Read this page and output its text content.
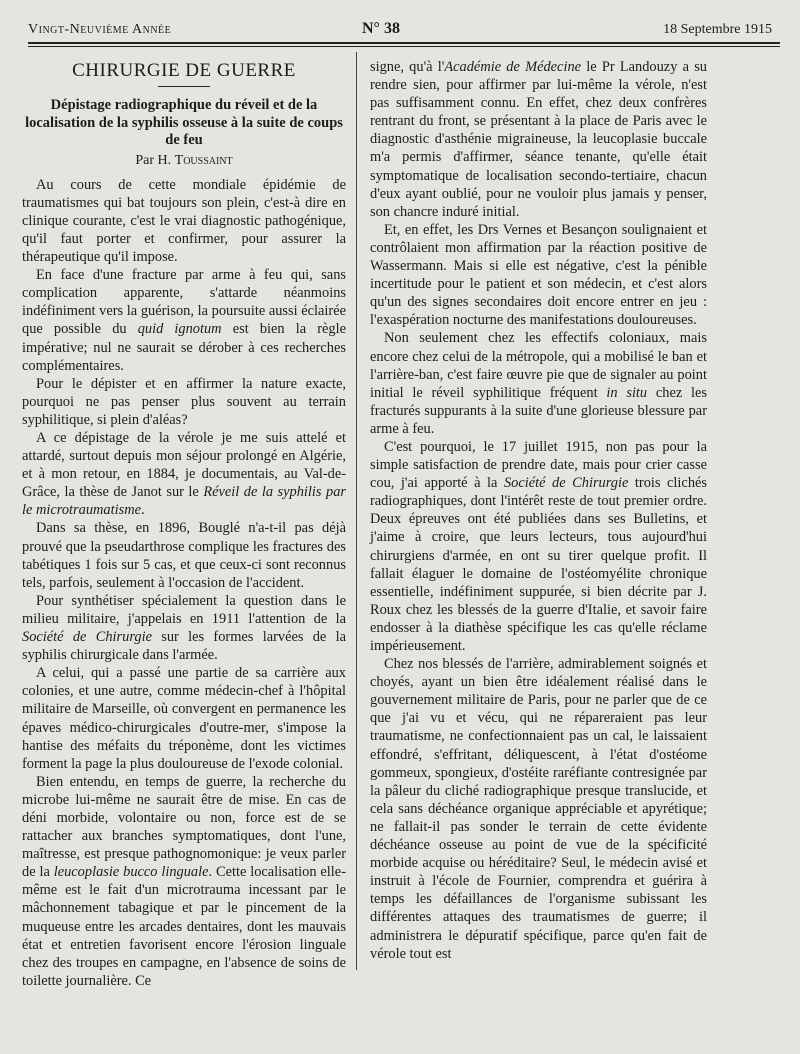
Vingt-Neuvième Année	N° 38	18 Septembre 1915
CHIRURGIE DE GUERRE
Dépistage radiographique du réveil et de la localisation de la syphilis osseuse à la suite de coups de feu
Par H. Toussaint

Au cours de cette mondiale épidémie de traumatismes qui bat toujours son plein, c'est-à dire en clinique courante, c'est le vrai diagnostic pathogénique, qu'il faut porter et confirmer, pour assurer la thérapeutique qu'il impose.

En face d'une fracture par arme à feu qui, sans complication apparente, s'attarde néanmoins indéfiniment vers la guérison, la poursuite aussi éclairée que possible du quid ignotum est bien la règle impérative; nul ne saurait se dérober à ces recherches complémentaires.

Pour le dépister et en affirmer la nature exacte, pourquoi ne pas penser plus souvent au terrain syphilitique, si plein d'aléas?

A ce dépistage de la vérole je me suis attelé et attardé, surtout depuis mon séjour prolongé en Algérie, et à mon retour, en 1884, je documentais, au Val-de-Grâce, la thèse de Janot sur le Réveil de la syphilis par le microtraumatisme.

Dans sa thèse, en 1896, Bouglé n'a-t-il pas déjà prouvé que la pseudarthrose complique les fractures des tabétiques 1 fois sur 5 cas, et que ceux-ci sont reconnus tels, parfois, seulement à l'occasion de l'accident.

Pour synthétiser spécialement la question dans le milieu militaire, j'appelais en 1911 l'attention de la Société de Chirurgie sur les formes larvées de la syphilis chirurgicale dans l'armée.

A celui, qui a passé une partie de sa carrière aux colonies, et une autre, comme médecin-chef à l'hôpital militaire de Marseille, où convergent en permanence les épaves médico-chirurgicales d'outre-mer, s'impose la hantise des méfaits du tréponème, dont les victimes forment la page la plus douloureuse de l'exode colonial.

Bien entendu, en temps de guerre, la recherche du microbe lui-même ne saurait être de mise. En cas de déni morbide, volontaire ou non, force est de se rattacher aux branches symptomatiques, dont l'une, maîtresse, est presque pathognomonique: je veux parler de la leucoplasie bucco linguale. Cette localisation elle-même est le fait d'un microtrauma incessant par le mâchonnement tabagique et par le pincement de la muqueuse entre les arcades dentaires, dont les mauvais état et entretien favorisent encore l'érosion linguale chez des troupes en campagne, en l'absence de soins de toilette journalière. Ce

signe, qu'à l'Académie de Médecine le Pr Landouzy a su rendre sien, pour affirmer par lui-même la vérole, n'est pas suffisamment connu. En effet, chez deux confrères rentrant du front, se présentant à la place de Paris avec le diagnostic d'asthénie migraineuse, la leucoplasie buccale m'a permis d'affirmer, séance tenante, qu'elle était symptomatique de localisation secondo-tertiaire, chacun d'eux ayant oublié, pour ne vouloir plus jamais y penser, son chancre induré initial.

Et, en effet, les Drs Vernes et Besançon soulignaient et contrôlaient mon affirmation par la réaction positive de Wassermann. Mais si elle est négative, c'est la pénible incertitude pour le patient et son médecin, et c'est alors qu'un des signes secondaires doit encore entrer en jeu : l'exaspération nocturne des manifestations douloureuses.

Non seulement chez les effectifs coloniaux, mais encore chez celui de la métropole, qui a mobilisé le ban et l'arrière-ban, c'est faire œuvre pie que de signaler au point initial le réveil syphilitique fréquent in situ chez les fracturés suppurants à la suite d'une glorieuse blessure par arme à feu.

C'est pourquoi, le 17 juillet 1915, non pas pour la simple satisfaction de prendre date, mais pour crier casse cou, j'ai apporté à la Société de Chirurgie trois clichés radiographiques, dont l'intérêt reste de tout premier ordre. Deux épreuves ont été publiées dans ses Bulletins, et j'aime à croire, que leurs lecteurs, tous aujourd'hui chirurgiens d'armée, en ont su tirer quelque profit. Il fallait élaguer le domaine de l'ostéomyélite chronique essentielle, indéfiniment suppurée, si bien décrite par J. Roux chez les blessés de la guerre d'Italie, et savoir faire endosser à la diathèse spécifique les cas qu'elle réclame impérieusement.

Chez nos blessés de l'arrière, admirablement soignés et choyés, ayant un bien être idéalement réalisé dans le gouvernement militaire de Paris, pour ne parler que de ce que j'ai vu et vécu, qui ne répareraient pas leur traumatisme, ne confectionnaient pas un cal, le laissaient effondré, s'effritant, déliquescent, à l'état d'ostéome gommeux, spongieux, d'ostéite raréfiante contresignée par la pâleur du cliché radiographique presque translucide, et cela sans déchéance organique appréciable et apyrétique; ne fallait-il pas sonder le terrain de cette évidente déchéance osseuse au point de vue de la spécificité morbide acquise ou héréditaire? Seul, le médecin avisé et instruit à l'école de Fournier, comprendra et guérira à temps les défaillances de l'organisme subissant les différentes attaques des traumatismes de guerre; il administrera le dépuratif spécifique, parce qu'en fait de vérole tout est
